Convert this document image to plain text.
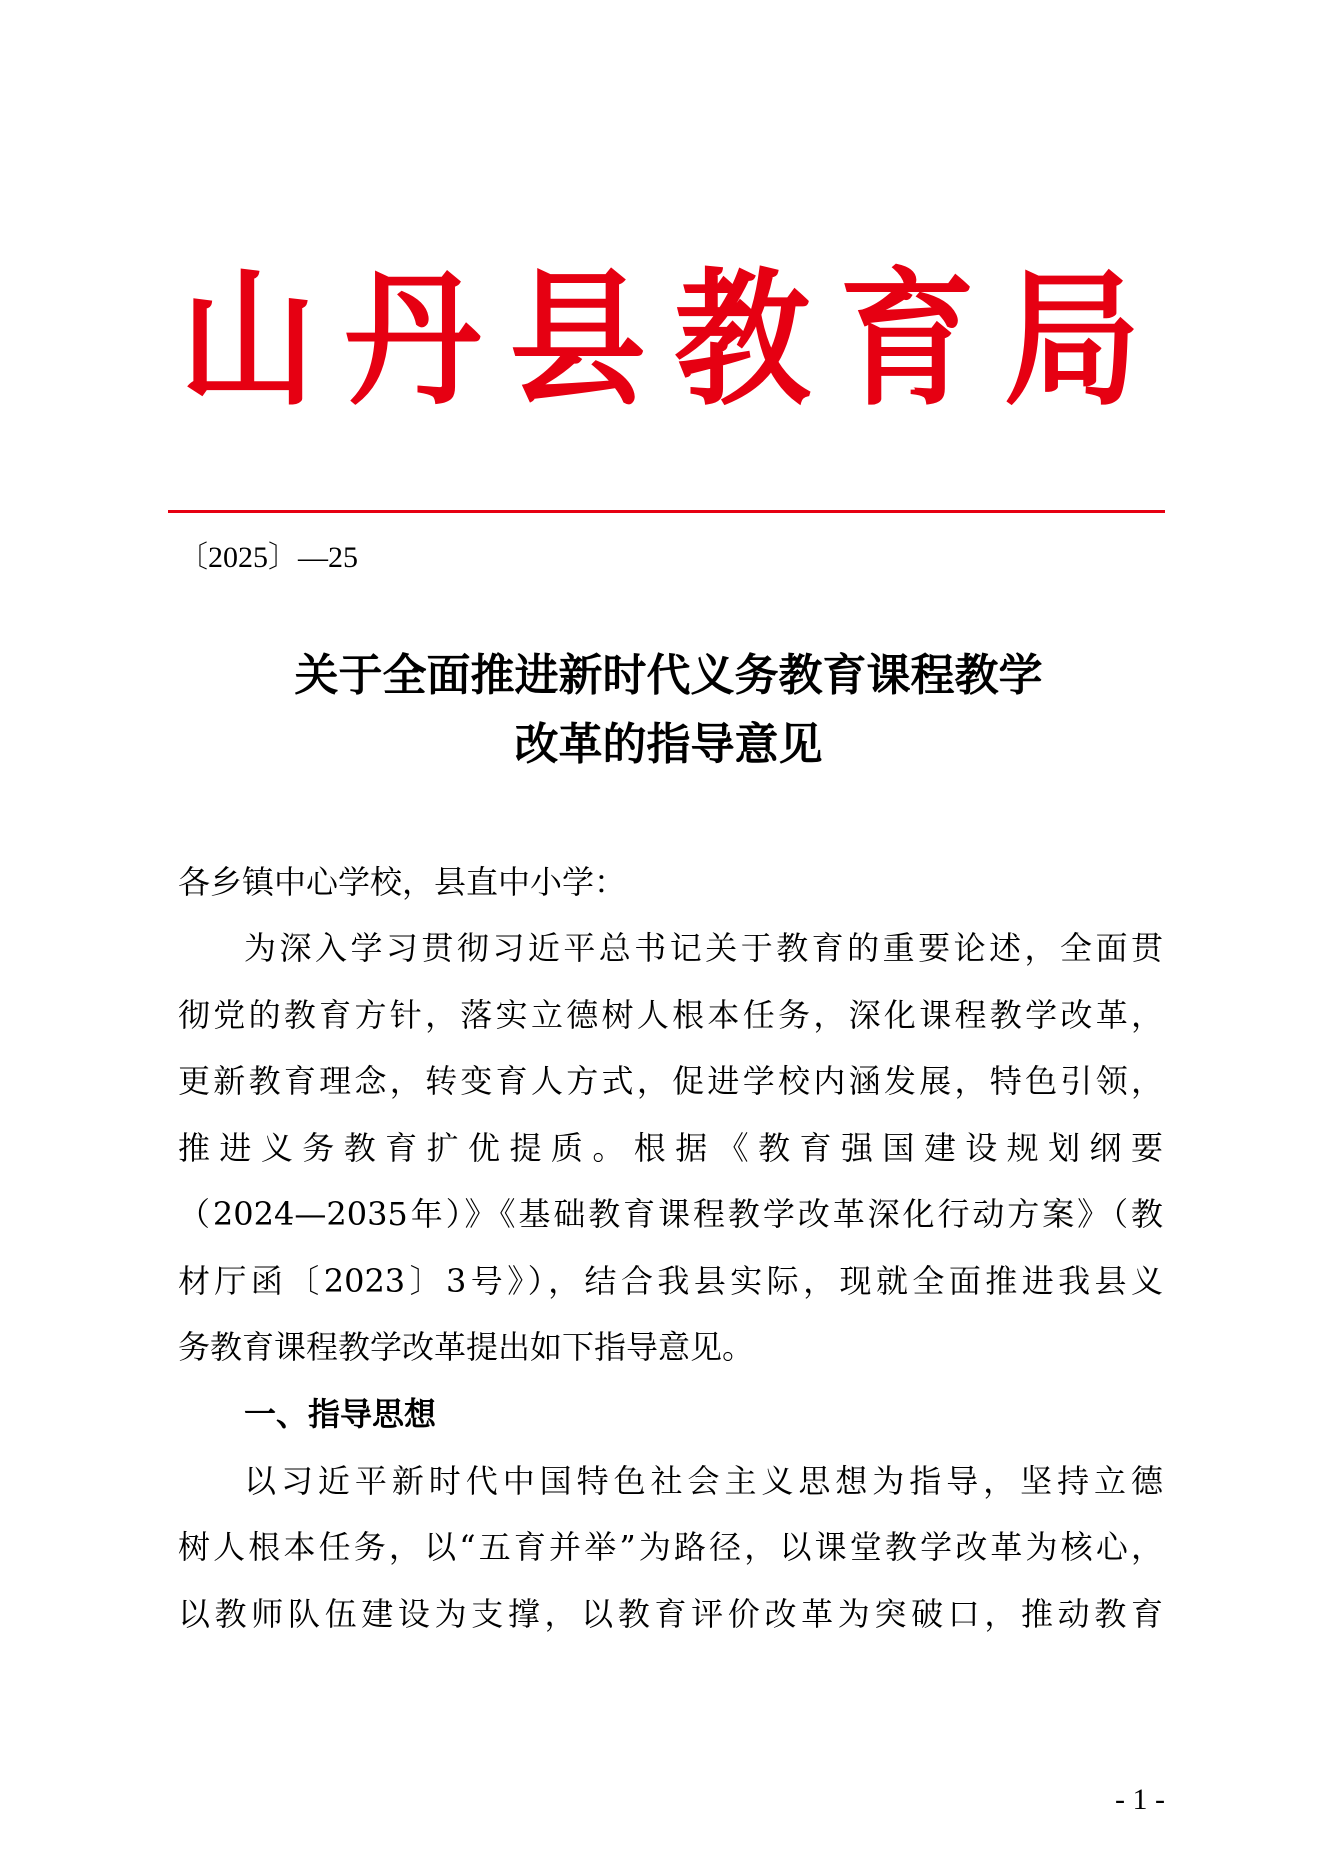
山 丹 县 教 育 局
〔2025〕—25
关于全面推进新时代义务教育课程教学
改革的指导意见
各乡镇中心学校，县直中小学：
为深入学习贯彻习近平总书记关于教育的重要论述，全面贯
彻党的教育方针，落实立德树人根本任务，深化课程教学改革，
更新教育理念，转变育人方式，促进学校内涵发展，特色引领，
推进义务教育扩优提质。根据《教育强国建设规划纲要
（2024—2035年）》《基础教育课程教学改革深化行动方案》（教
材厅函〔2023〕3号》），结合我县实际，现就全面推进我县义
务教育课程教学改革提出如下指导意见。
一、指导思想
以习近平新时代中国特色社会主义思想为指导，坚持立德
树人根本任务，以“五育并举”为路径，以课堂教学改革为核心，
以教师队伍建设为支撑，以教育评价改革为突破口，推动教育
- 1 -
